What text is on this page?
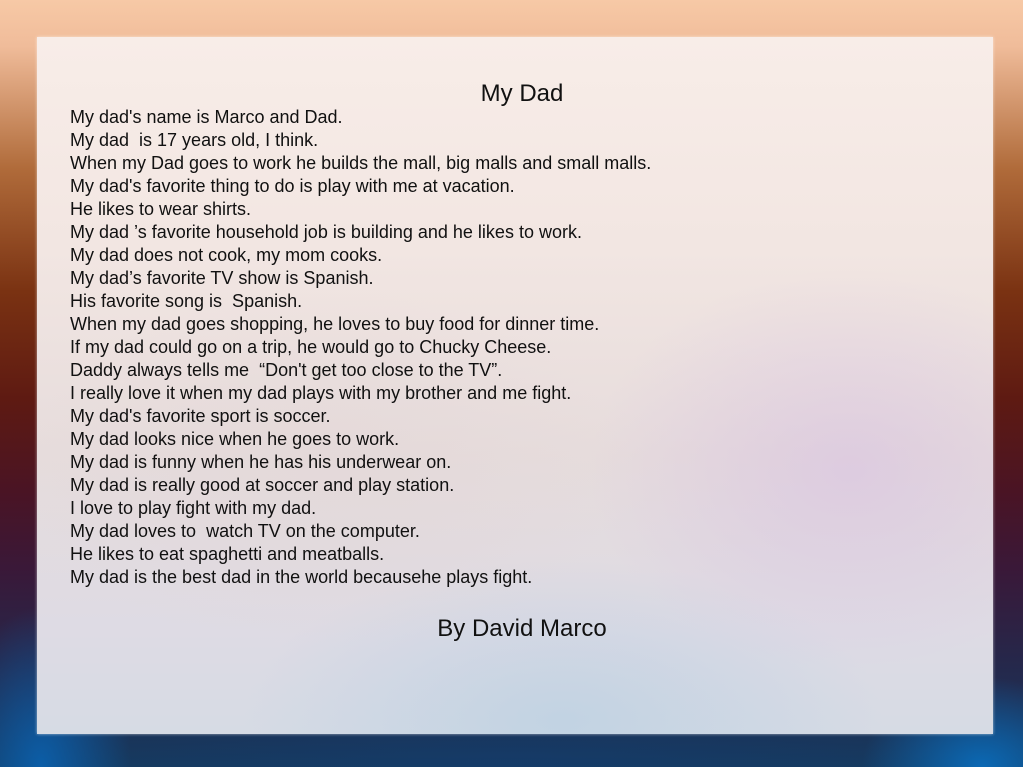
My Dad
My dad's name is Marco and Dad.
My dad  is 17 years old, I think.
When my Dad goes to work he builds the mall, big malls and small malls.
My dad's favorite thing to do is play with me at vacation.
He likes to wear shirts.
My dad ’s favorite household job is building and he likes to work.
My dad does not cook, my mom cooks.
My dad’s favorite TV show is Spanish.
His favorite song is  Spanish.
When my dad goes shopping, he loves to buy food for dinner time.
If my dad could go on a trip, he would go to Chucky Cheese.
Daddy always tells me  “Don't get too close to the TV”.
I really love it when my dad plays with my brother and me fight.
My dad's favorite sport is soccer.
My dad looks nice when he goes to work.
My dad is funny when he has his underwear on.
My dad is really good at soccer and play station.
I love to play fight with my dad.
My dad loves to  watch TV on the computer.
He likes to eat spaghetti and meatballs.
My dad is the best dad in the world becausehe plays fight.
By David Marco
